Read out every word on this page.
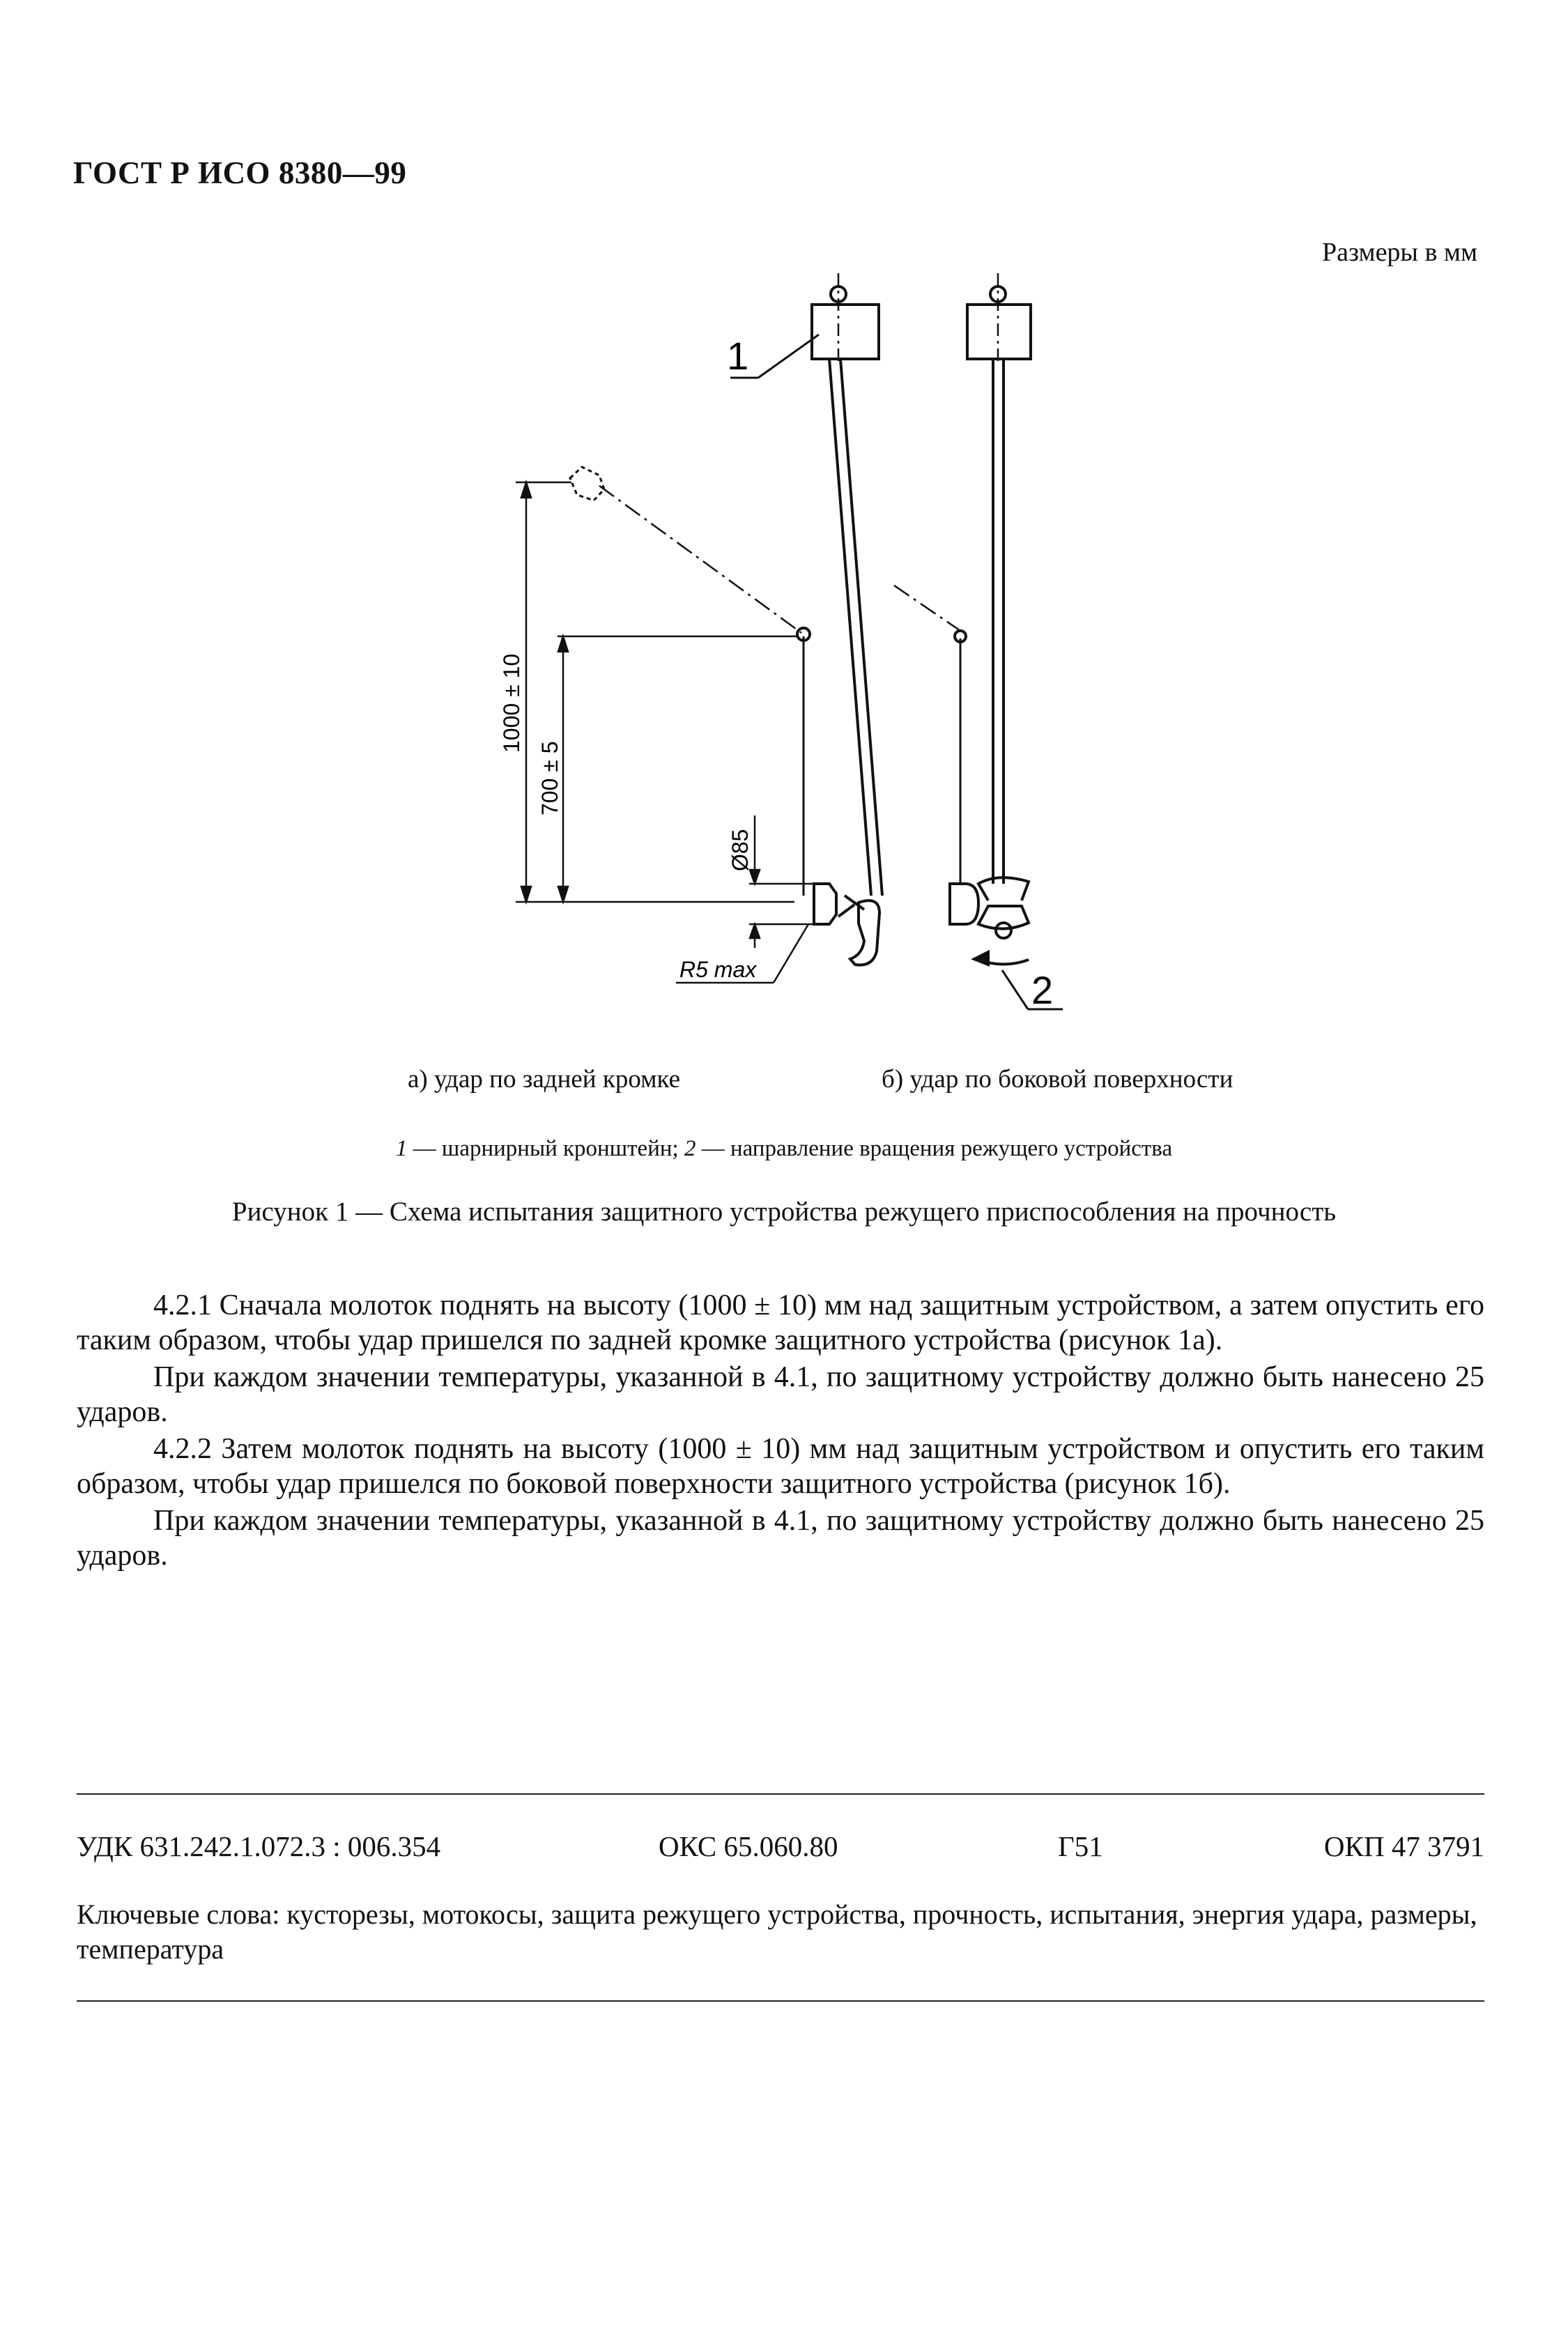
ГОСТ Р ИСО 8380—99
Размеры в мм
1
2
1000 ± 10
700 ± 5
Ø85
R5 max
а) удар по задней кромке	б) удар по боковой поверхности
1 — шарнирный кронштейн; 2 — направление вращения режущего устройства
Рисунок 1 — Схема испытания защитного устройства режущего приспособления на прочность

4.2.1 Сначала молоток поднять на высоту (1000 ± 10) мм над защитным устройством, а затем опустить его таким образом, чтобы удар пришелся по задней кромке защитного устройства (рисунок 1а).

При каждом значении температуры, указанной в 4.1, по защитному устройству должно быть нанесено 25 ударов.

4.2.2 Затем молоток поднять на высоту (1000 ± 10) мм над защитным устройством и опустить его таким образом, чтобы удар пришелся по боковой поверхности защитного устройства (рисунок 1б).

При каждом значении температуры, указанной в 4.1, по защитному устройству должно быть нанесено 25 ударов.

УДК 631.242.1.072.3 : 006.354	ОКС 65.060.80	Г51	ОКП 47 3791
Ключевые слова: кусторезы, мотокосы, защита режущего устройства, прочность, испытания, энергия удара, размеры, температура
